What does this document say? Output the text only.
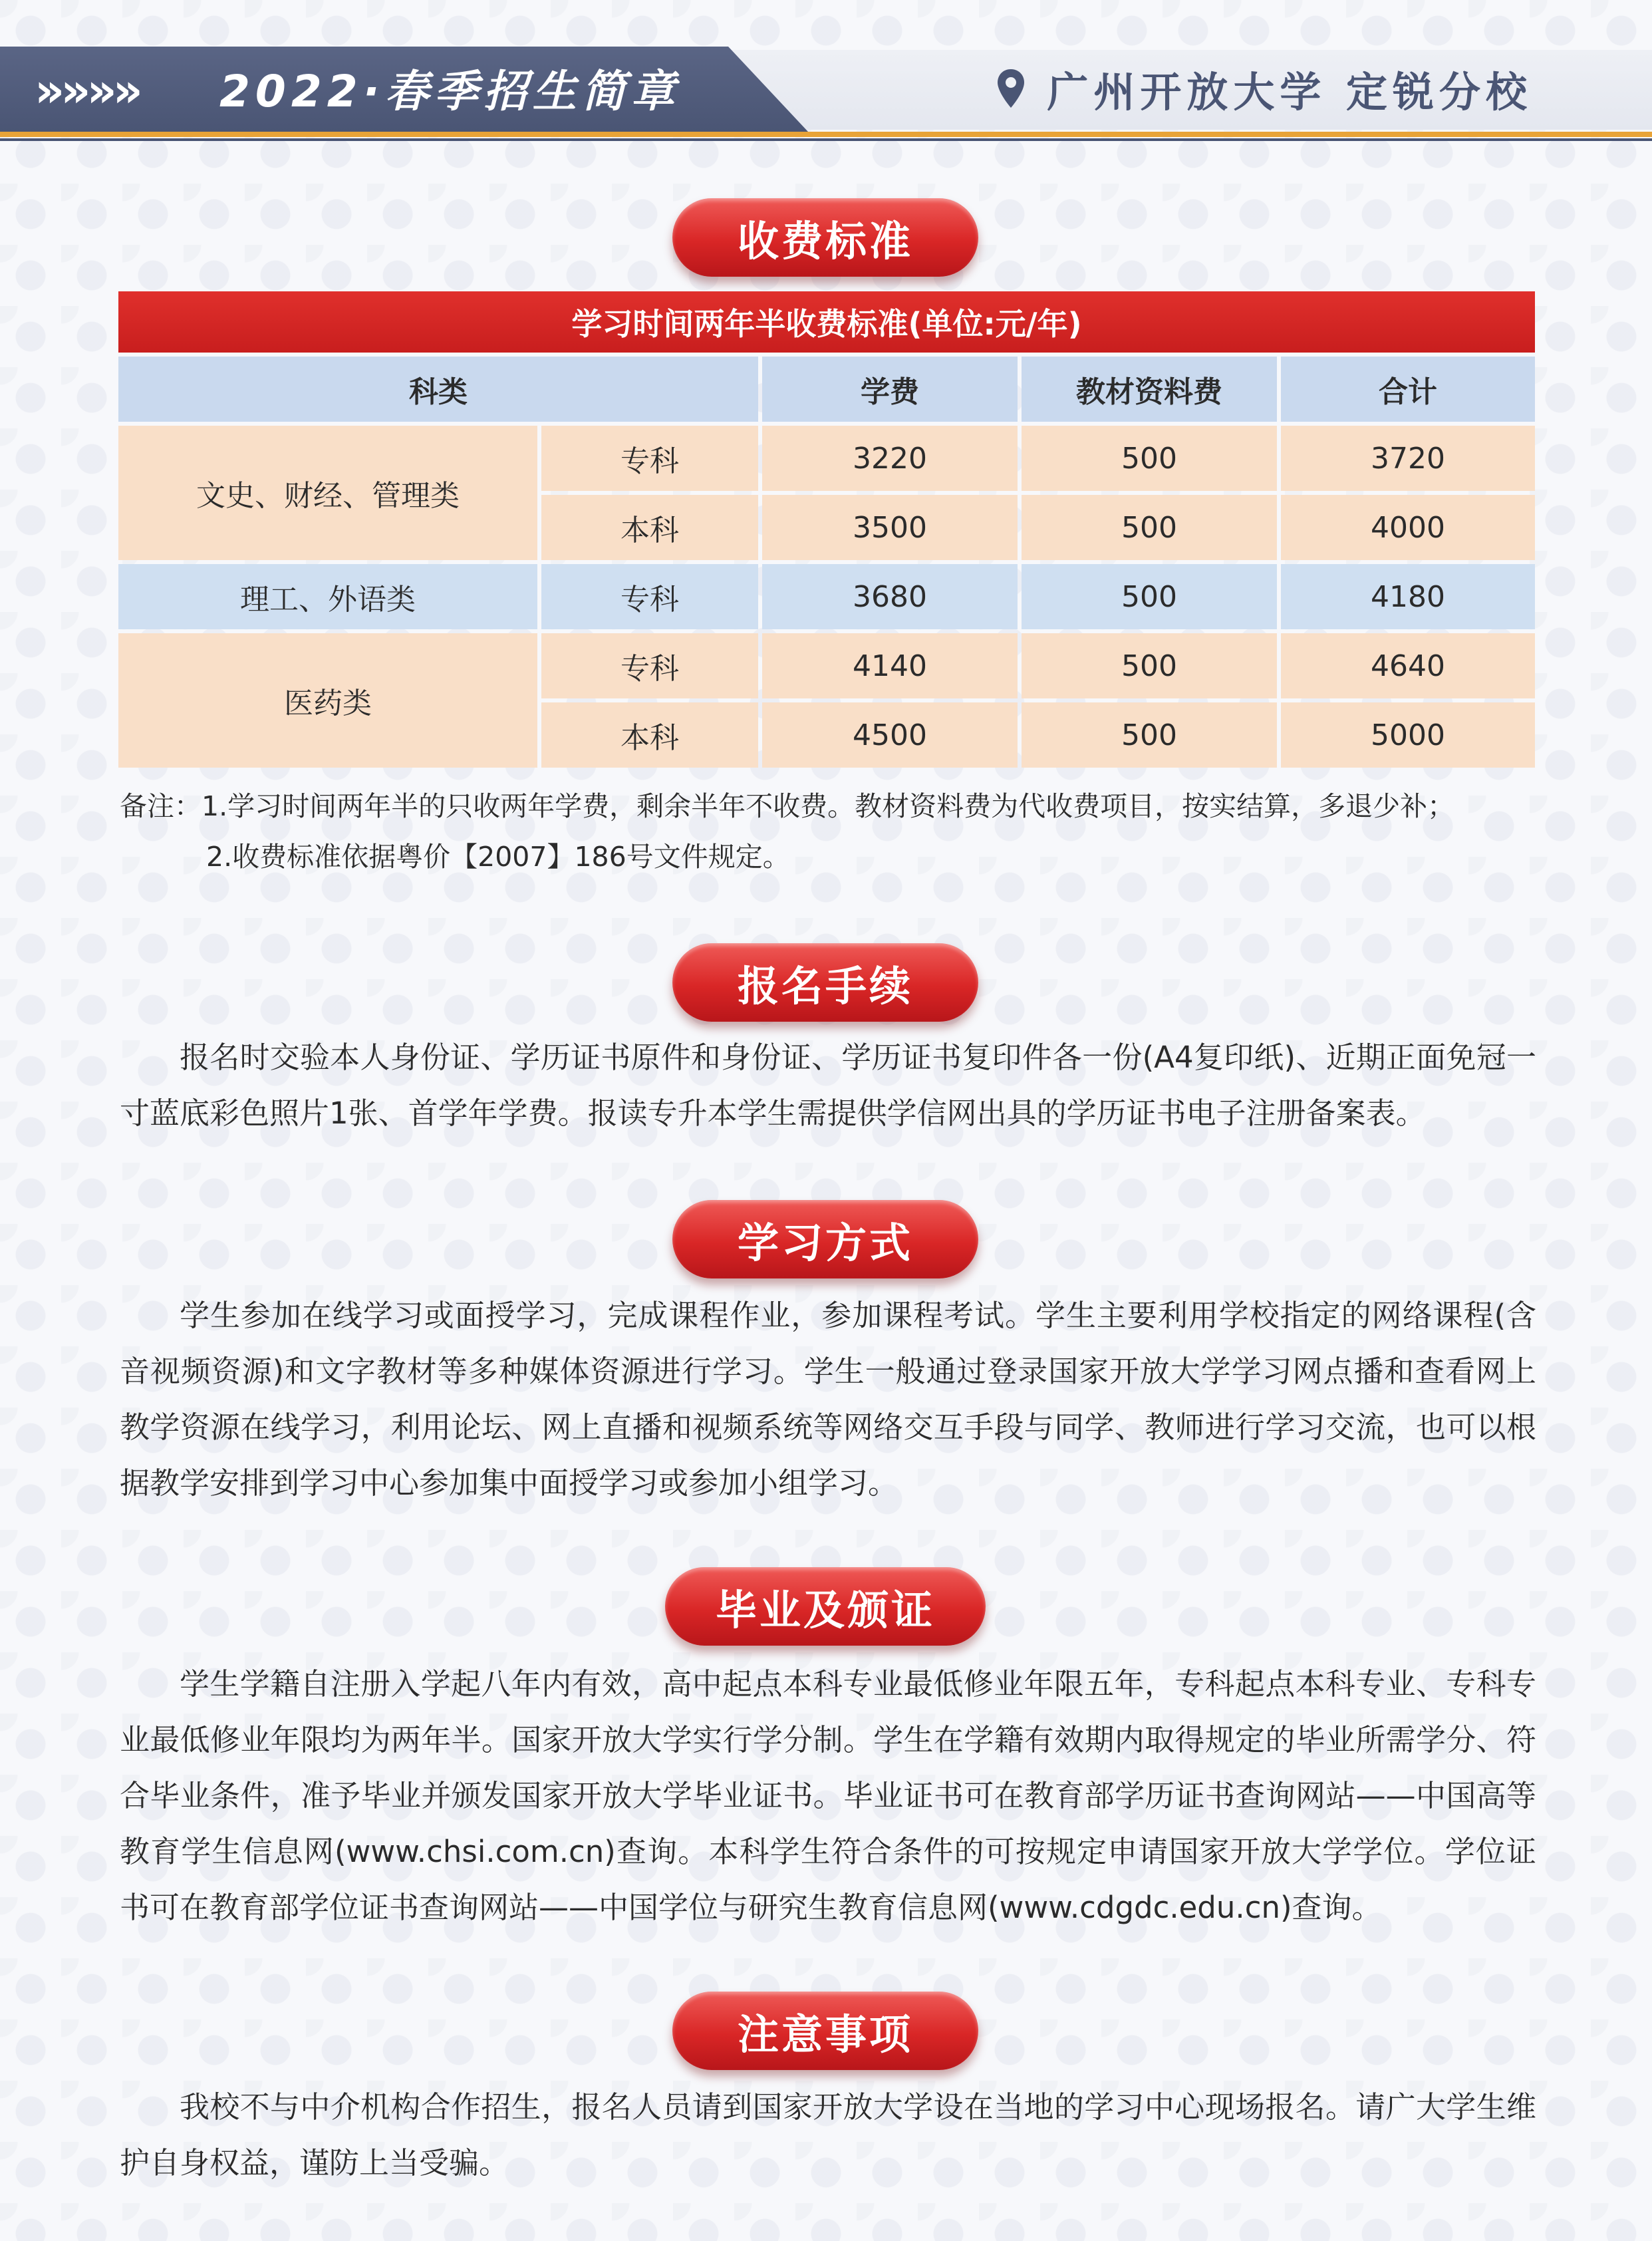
»»»» 2022·春季招生简章	广州开放大学 定锐分校
收费标准
学习时间两年半收费标准(单位:元/年)
科类	学费	教材资料费	合计
文史、财经、管理类
专科	3220	500	3720
本科	3500	500	4000
理工、外语类	专科	3680	500	4180
医药类
专科	4140	500	4640
本科	4500	500	5000
备注：1.学习时间两年半的只收两年学费，剩余半年不收费。教材资料费为代收费项目，按实结算，多退少补；
2.收费标准依据粤价【2007】186号文件规定。
报名手续

报名时交验本人身份证、学历证书原件和身份证、学历证书复印件各一份(A4复印纸)、近期正面免冠一寸蓝底彩色照片1张、首学年学费。报读专升本学生需提供学信网出具的学历证书电子注册备案表。

学习方式

学生参加在线学习或面授学习，完成课程作业，参加课程考试。学生主要利用学校指定的网络课程(含音视频资源)和文字教材等多种媒体资源进行学习。学生一般通过登录国家开放大学学习网点播和查看网上教学资源在线学习，利用论坛、网上直播和视频系统等网络交互手段与同学、教师进行学习交流，也可以根据教学安排到学习中心参加集中面授学习或参加小组学习。

毕业及颁证

学生学籍自注册入学起八年内有效，高中起点本科专业最低修业年限五年，专科起点本科专业、专科专业最低修业年限均为两年半。国家开放大学实行学分制。学生在学籍有效期内取得规定的毕业所需学分、符合毕业条件，准予毕业并颁发国家开放大学毕业证书。毕业证书可在教育部学历证书查询网站——中国高等教育学生信息网(www.chsi.com.cn)查询。本科学生符合条件的可按规定申请国家开放大学学位。学位证书可在教育部学位证书查询网站——中国学位与研究生教育信息网(www.cdgdc.edu.cn)查询。

注意事项

我校不与中介机构合作招生，报名人员请到国家开放大学设在当地的学习中心现场报名。请广大学生维护自身权益，谨防上当受骗。
